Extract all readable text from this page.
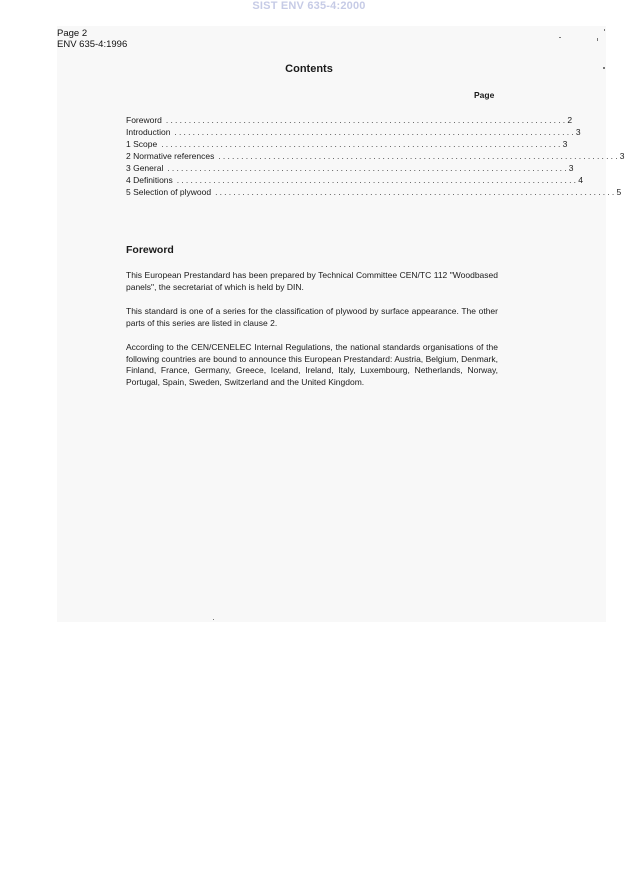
SIST ENV 635-4:2000
Page 2
ENV 635-4:1996
Contents
Page
Foreword ........................................................................................ 2
Introduction ........................................................................................ 3
1 Scope ........................................................................................ 3
2 Normative references ........................................................................................ 3
3 General ........................................................................................ 3
4 Definitions ........................................................................................ 4
5 Selection of plywood ........................................................................................ 5
Foreword

This European Prestandard has been prepared by Technical Committee CEN/TC 112 "Woodbased panels", the secretariat of which is held by DIN.

This standard is one of a series for the classification of plywood by surface appearance. The other parts of this series are listed in clause 2.

According to the CEN/CENELEC Internal Regulations, the national standards organisations of the following countries are bound to announce this European Prestandard: Austria, Belgium, Denmark, Finland, France, Germany, Greece, Iceland, Ireland, Italy, Luxembourg, Netherlands, Norway, Portugal, Spain, Sweden, Switzerland and the United Kingdom.
